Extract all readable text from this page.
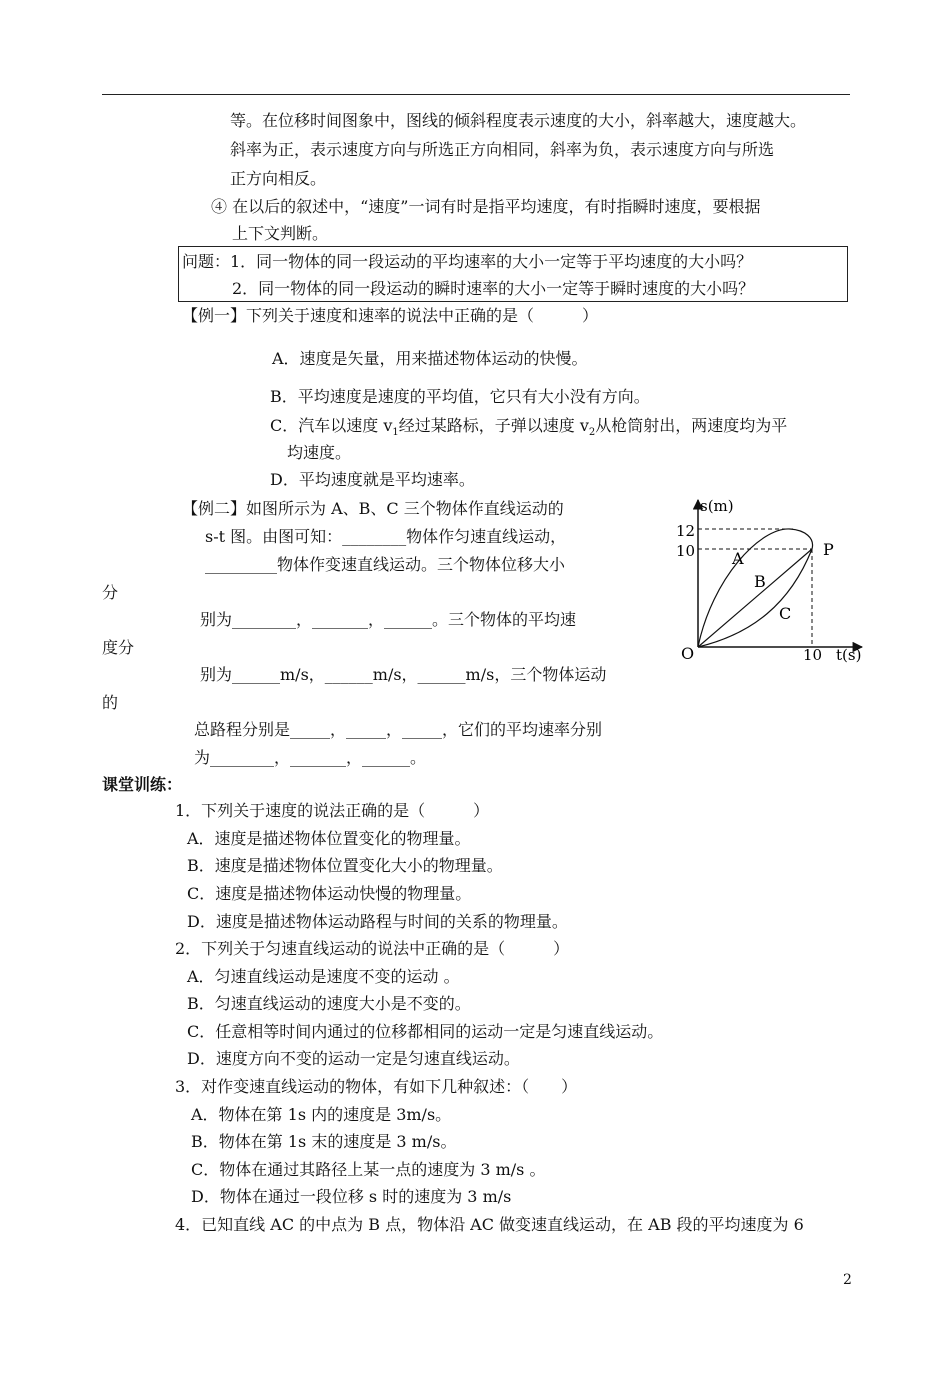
等。在位移时间图象中，图线的倾斜程度表示速度的大小，斜率越大，速度越大。
斜率为正，表示速度方向与所选正方向相同，斜率为负，表示速度方向与所选
正方向相反。
④ 在以后的叙述中，“速度”一词有时是指平均速度，有时指瞬时速度，要根据
上下文判断。
问题：1．同一物体的同一段运动的平均速率的大小一定等于平均速度的大小吗？
2．同一物体的同一段运动的瞬时速率的大小一定等于瞬时速度的大小吗？
【例一】下列关于速度和速率的说法中正确的是（　　　）
A．速度是矢量，用来描述物体运动的快慢。
B．平均速度是速度的平均值，它只有大小没有方向。
C．汽车以速度 $v_1$经过某路标，子弹以速度 $v_2$从枪筒射出，两速度均为平
均速度。
D．平均速度就是平均速率。
【例二】如图所示为 A、B、C 三个物体作直线运动的
s-t 图。由图可知：________物体作匀速直线运动，
_________物体作变速直线运动。三个物体位移大小
分
别为________，_______，______。三个物体的平均速
度分
别为______m/s，______m/s，______m/s，三个物体运动
的
总路程分别是_____，_____，_____，它们的平均速率分别
为________，_______，______。
s(m)
12
10
O	10 t(s)
P
A
B
C
课堂训练：
1．下列关于速度的说法正确的是（　　　）
A．速度是描述物体位置变化的物理量。
B．速度是描述物体位置变化大小的物理量。
C．速度是描述物体运动快慢的物理量。
D．速度是描述物体运动路程与时间的关系的物理量。
2．下列关于匀速直线运动的说法中正确的是（　　　）
A．匀速直线运动是速度不变的运动 。
B．匀速直线运动的速度大小是不变的。
C．任意相等时间内通过的位移都相同的运动一定是匀速直线运动。
D．速度方向不变的运动一定是匀速直线运动。
3．对作变速直线运动的物体，有如下几种叙述：（　　）
A．物体在第 1s 内的速度是 3m/s。
B．物体在第 1s 末的速度是 3 m/s。
C．物体在通过其路径上某一点的速度为 3 m/s 。
D．物体在通过一段位移 s 时的速度为 3 m/s
4．已知直线 AC 的中点为 B 点，物体沿 AC 做变速直线运动，在 AB 段的平均速度为 6
2
